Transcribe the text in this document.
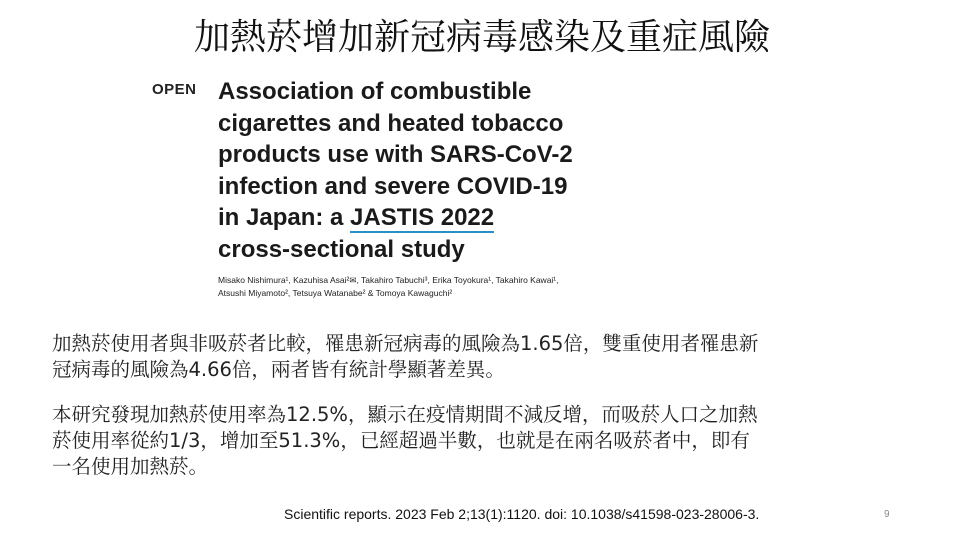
加熱菸增加新冠病毒感染及重症風險
OPEN Association of combustible
cigarettes and heated tobacco
products use with SARS-CoV-2
infection and severe COVID-19
in Japan: a JASTIS 2022
cross-sectional study
Misako Nishimura¹, Kazuhisa Asai²✉, Takahiro Tabuchi³, Erika Toyokura¹, Takahiro Kawai¹,
Atsushi Miyamoto², Tetsuya Watanabe² & Tomoya Kawaguchi²
加熱菸使用者與非吸菸者比較，罹患新冠病毒的風險為1.65倍，雙重使用者罹患新
冠病毒的風險為4.66倍，兩者皆有統計學顯著差異。
本研究發現加熱菸使用率為12.5%，顯示在疫情期間不減反增，而吸菸人口之加熱
菸使用率從約1/3，增加至51.3%，已經超過半數，也就是在兩名吸菸者中，即有
一名使用加熱菸。
Scientific reports. 2023 Feb 2;13(1):1120. doi: 10.1038/s41598-023-28006-3.	9
